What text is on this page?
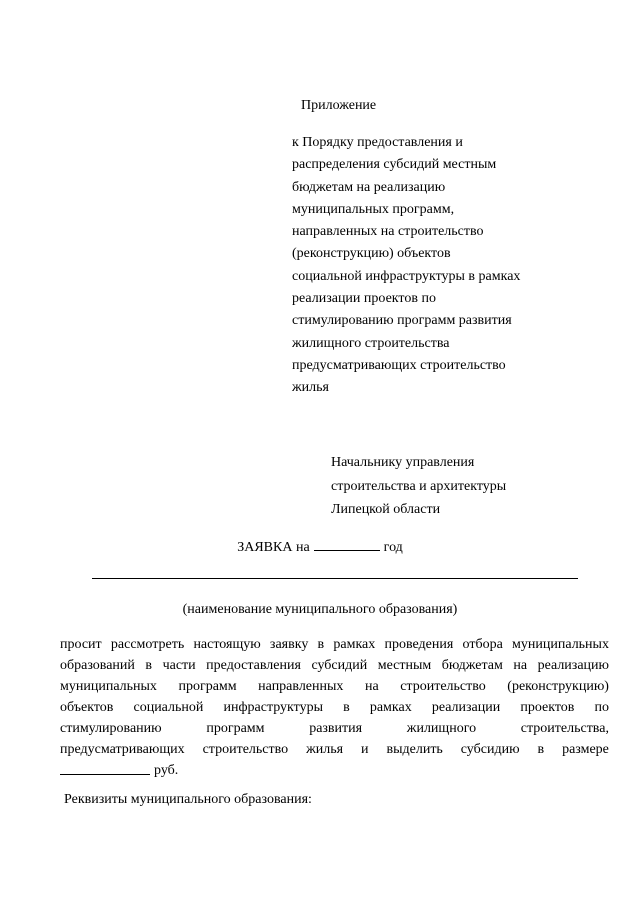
Приложение
к Порядку предоставления и
распределения субсидий местным
бюджетам на реализацию
муниципальных программ,
направленных на строительство
(реконструкцию) объектов
социальной инфраструктуры в рамках
реализации проектов по
стимулированию программ развития
жилищного строительства
предусматривающих строительство
жилья
Начальнику управления
строительства и архитектуры
Липецкой области
ЗАЯВКА на	год
(наименование муниципального образования)
просит рассмотреть настоящую заявку в рамках проведения отбора муниципальных
образований в части предоставления субсидий местным бюджетам на реализацию
муниципальных программ направленных на строительство (реконструкцию)
объектов социальной инфраструктуры в рамках реализации проектов по
стимулированию	программ	развития	жилищного	строительства,
предусматривающих строительство жилья и выделить субсидию в размере
руб.
Реквизиты муниципального образования:
